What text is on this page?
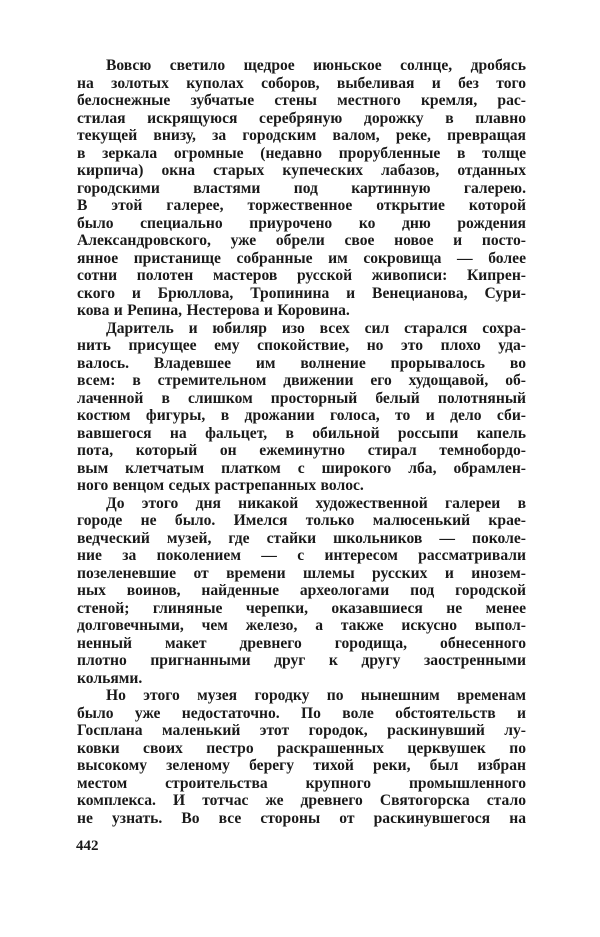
Вовсю светило щедрое июньское солнце, дробясь
на золотых куполах соборов, выбеливая и без того
белоснежные зубчатые стены местного кремля, рас-
стилая искрящуюся серебряную дорожку в плавно
текущей внизу, за городским валом, реке, превращая
в зеркала огромные (недавно прорубленные в толще
кирпича) окна старых купеческих лабазов, отданных
городскими властями под картинную галерею.
В этой галерее, торжественное открытие которой
было специально приурочено ко дню рождения
Александровского, уже обрели свое новое и посто-
янное пристанище собранные им сокровища — более
сотни полотен мастеров русской живописи: Кипрен-
ского и Брюллова, Тропинина и Венецианова, Сури-
кова и Репина, Нестерова и Коровина.
Даритель и юбиляр изо всех сил старался сохра-
нить присущее ему спокойствие, но это плохо уда-
валось. Владевшее им волнение прорывалось во
всем: в стремительном движении его худощавой, об-
лаченной в слишком просторный белый полотняный
костюм фигуры, в дрожании голоса, то и дело сби-
вавшегося на фальцет, в обильной россыпи капель
пота, который он ежеминутно стирал темнобордо-
вым клетчатым платком с широкого лба, обрамлен-
ного венцом седых растрепанных волос.
До этого дня никакой художественной галереи в
городе не было. Имелся только малюсенький крае-
ведческий музей, где стайки школьников — поколе-
ние за поколением — с интересом рассматривали
позеленевшие от времени шлемы русских и инозем-
ных воинов, найденные археологами под городской
стеной; глиняные черепки, оказавшиеся не менее
долговечными, чем железо, а также искусно выпол-
ненный макет древнего городища, обнесенного
плотно пригнанными друг к другу заостренными
кольями.
Но этого музея городку по нынешним временам
было уже недостаточно. По воле обстоятельств и
Госплана маленький этот городок, раскинувший лу-
ковки своих пестро раскрашенных церквушек по
высокому зеленому берегу тихой реки, был избран
местом строительства крупного промышленного
комплекса. И тотчас же древнего Святогорска стало
не узнать. Во все стороны от раскинувшегося на
442
